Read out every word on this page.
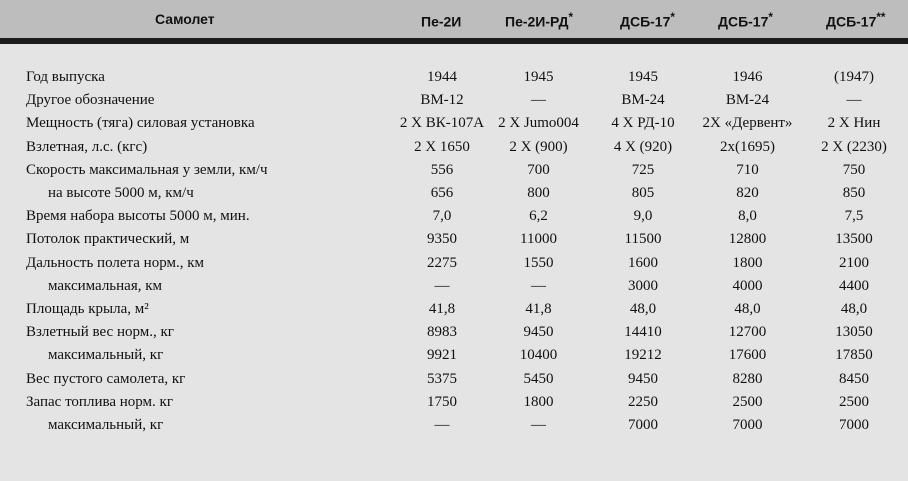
Самолет	Пе-2И	Пе-2И-РД*	ДСБ-17*	ДСБ-17*	ДСБ-17**
Год выпуска	1944	1945	1945	1946	(1947)
Другое обозначение	ВМ-12	—	ВМ-24	ВМ-24	—
Мещность (тяга) силовая установка	2 X ВК-107А	2 X Jumo004	4 X РД-10	2X «Дервент»	2 X Нин
Взлетная, л.с. (кгс)	2 X 1650	2 X (900)	4 X (920)	2x(1695)	2 X (2230)
Скорость максимальная у земли, км/ч	556	700	725	710	750
на высоте 5000 м, км/ч	656	800	805	820	850
Время набора высоты 5000 м, мин.	7,0	6,2	9,0	8,0	7,5
Потолок практический, м	9350	11000	11500	12800	13500
Дальность полета норм., км	2275	1550	1600	1800	2100
максимальная, км	—	—	3000	4000	4400
Площадь крыла, м²	41,8	41,8	48,0	48,0	48,0
Взлетный вес норм., кг	8983	9450	14410	12700	13050
максимальный, кг	9921	10400	19212	17600	17850
Вес пустого самолета, кг	5375	5450	9450	8280	8450
Запас топлива норм. кг	1750	1800	2250	2500	2500
максимальный, кг	—	—	7000	7000	7000
